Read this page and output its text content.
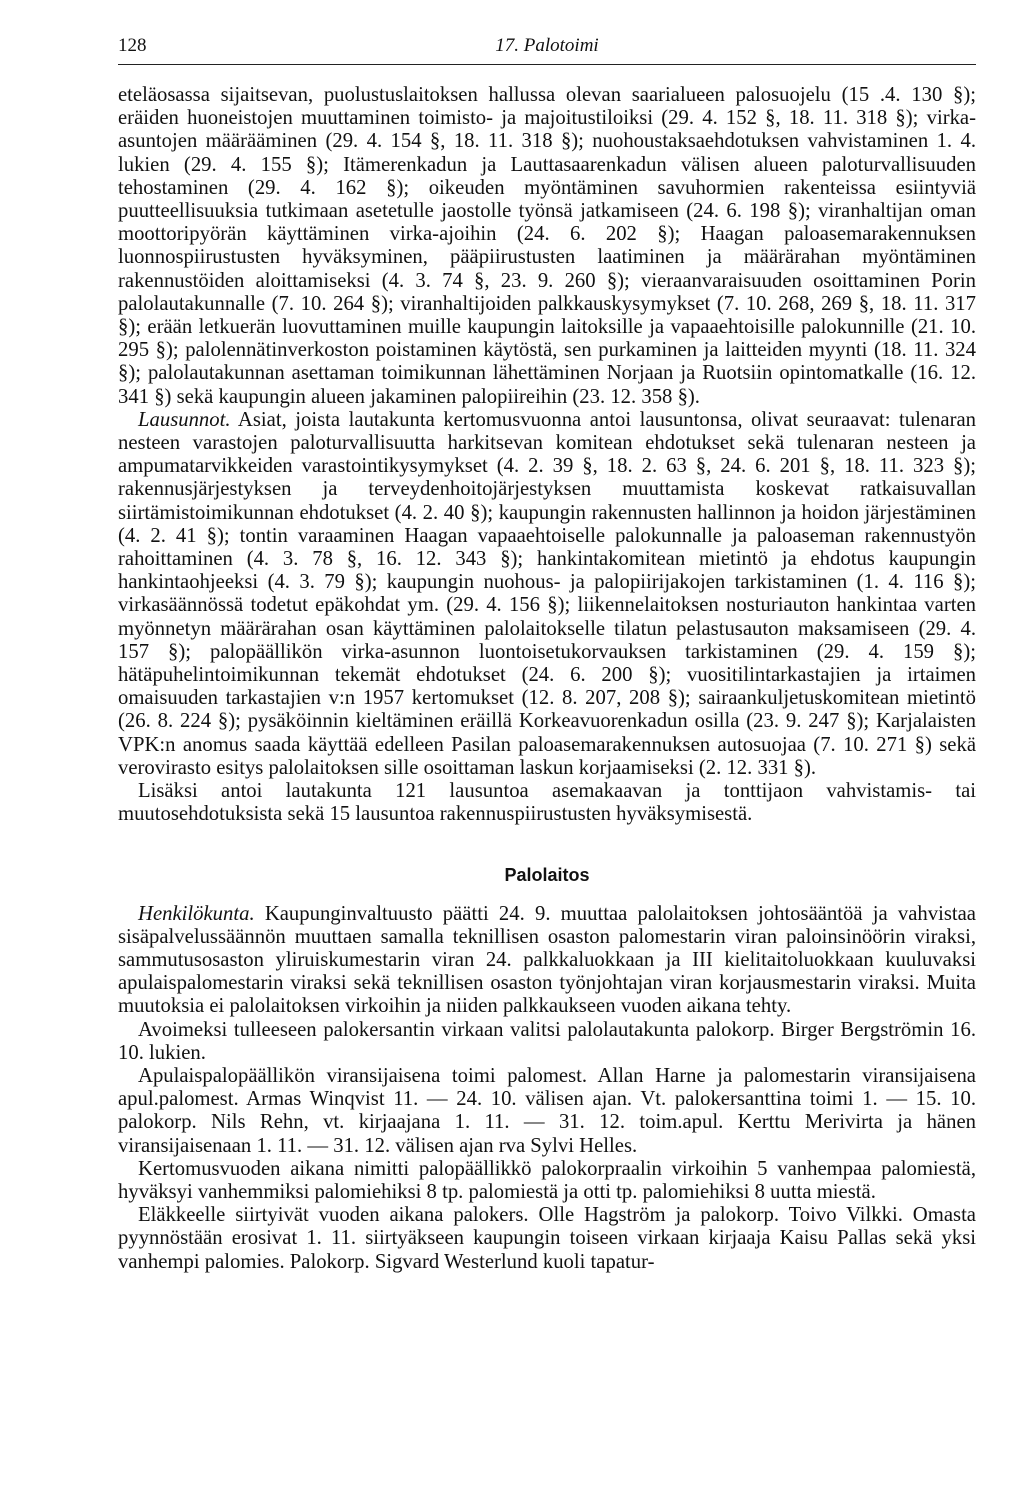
128	17. Palotoimi

eteläosassa sijaitsevan, puolustuslaitoksen hallussa olevan saarialueen palosuojelu (15 .4. 130 §); eräiden huoneistojen muuttaminen toimisto- ja majoitustiloiksi (29. 4. 152 §, 18. 11. 318 §); virka-asuntojen määrääminen (29. 4. 154 §, 18. 11. 318 §); nuohoustaksaehdotuksen vahvistaminen 1. 4. lukien (29. 4. 155 §); Itämerenkadun ja Lauttasaarenkadun välisen alueen paloturvallisuuden tehostaminen (29. 4. 162 §); oikeuden myöntäminen savuhormien rakenteissa esiintyviä puutteellisuuksia tutkimaan asetetulle jaostolle työnsä jatkamiseen (24. 6. 198 §); viranhaltijan oman moottoripyörän käyttäminen virka-ajoihin (24. 6. 202 §); Haagan paloasemarakennuksen luonnospiirustusten hyväksyminen, pääpiirustusten laatiminen ja määrärahan myöntäminen rakennustöiden aloittamiseksi (4. 3. 74 §, 23. 9. 260 §); vieraanvaraisuuden osoittaminen Porin palolautakunnalle (7. 10. 264 §); viranhaltijoiden palkkauskysymykset (7. 10. 268, 269 §, 18. 11. 317 §); erään letkuerän luovuttaminen muille kaupungin laitoksille ja vapaaehtoisille palokunnille (21. 10. 295 §); palolennätinverkoston poistaminen käytöstä, sen purkaminen ja laitteiden myynti (18. 11. 324 §); palolautakunnan asettaman toimikunnan lähettäminen Norjaan ja Ruotsiin opintomatkalle (16. 12. 341 §) sekä kaupungin alueen jakaminen palopiireihin (23. 12. 358 §).

Lausunnot. Asiat, joista lautakunta kertomusvuonna antoi lausuntonsa, olivat seuraavat: tulenaran nesteen varastojen paloturvallisuutta harkitsevan komitean ehdotukset sekä tulenaran nesteen ja ampumatarvikkeiden varastointikysymykset (4. 2. 39 §, 18. 2. 63 §, 24. 6. 201 §, 18. 11. 323 §); rakennusjärjestyksen ja terveydenhoitojärjestyksen muuttamista koskevat ratkaisuvallan siirtämistoimikunnan ehdotukset (4. 2. 40 §); kaupungin rakennusten hallinnon ja hoidon järjestäminen (4. 2. 41 §); tontin varaaminen Haagan vapaaehtoiselle palokunnalle ja paloaseman rakennustyön rahoittaminen (4. 3. 78 §, 16. 12. 343 §); hankintakomitean mietintö ja ehdotus kaupungin hankintaohjeeksi (4. 3. 79 §); kaupungin nuohous- ja palopiirijakojen tarkistaminen (1. 4. 116 §); virkasäännössä todetut epäkohdat ym. (29. 4. 156 §); liikennelaitoksen nosturiauton hankintaa varten myönnetyn määrärahan osan käyttäminen palolaitokselle tilatun pelastusauton maksamiseen (29. 4. 157 §); palopäällikön virka-asunnon luontoisetukorvauksen tarkistaminen (29. 4. 159 §); hätäpuhelintoimikunnan tekemät ehdotukset (24. 6. 200 §); vuositilintarkastajien ja irtaimen omaisuuden tarkastajien v:n 1957 kertomukset (12. 8. 207, 208 §); sairaankuljetuskomitean mietintö (26. 8. 224 §); pysäköinnin kieltäminen eräillä Korkeavuorenkadun osilla (23. 9. 247 §); Karjalaisten VPK:n anomus saada käyttää edelleen Pasilan paloasemarakennuksen autosuojaa (7. 10. 271 §) sekä verovirasto esitys palolaitoksen sille osoittaman laskun korjaamiseksi (2. 12. 331 §).

Lisäksi antoi lautakunta 121 lausuntoa asemakaavan ja tonttijaon vahvistamis- tai muutosehdotuksista sekä 15 lausuntoa rakennuspiirustusten hyväksymisestä.

Palolaitos

Henkilökunta. Kaupunginvaltuusto päätti 24. 9. muuttaa palolaitoksen johtosääntöä ja vahvistaa sisäpalvelussäännön muuttaen samalla teknillisen osaston palomestarin viran paloinsinöörin viraksi, sammutusosaston yliruiskumestarin viran 24. palkkaluokkaan ja III kielitaitoluokkaan kuuluvaksi apulaispalomestarin viraksi sekä teknillisen osaston työnjohtajan viran korjausmestarin viraksi. Muita muutoksia ei palolaitoksen virkoihin ja niiden palkkaukseen vuoden aikana tehty.

Avoimeksi tulleeseen palokersantin virkaan valitsi palolautakunta palokorp. Birger Bergströmin 16. 10. lukien.

Apulaispalopäällikön viransijaisena toimi palomest. Allan Harne ja palomestarin viransijaisena apul.palomest. Armas Winqvist 11. — 24. 10. välisen ajan. Vt. palokersanttina toimi 1. — 15. 10. palokorp. Nils Rehn, vt. kirjaajana 1. 11. — 31. 12. toim.apul. Kerttu Merivirta ja hänen viransijaisenaan 1. 11. — 31. 12. välisen ajan rva Sylvi Helles.

Kertomusvuoden aikana nimitti palopäällikkö palokorpraalin virkoihin 5 vanhempaa palomiestä, hyväksyi vanhemmiksi palomiehiksi 8 tp. palomiestä ja otti tp. palomiehiksi 8 uutta miestä.

Eläkkeelle siirtyivät vuoden aikana palokers. Olle Hagström ja palokorp. Toivo Vilkki. Omasta pyynnöstään erosivat 1. 11. siirtyäkseen kaupungin toiseen virkaan kirjaaja Kaisu Pallas sekä yksi vanhempi palomies. Palokorp. Sigvard Westerlund kuoli tapatur-
